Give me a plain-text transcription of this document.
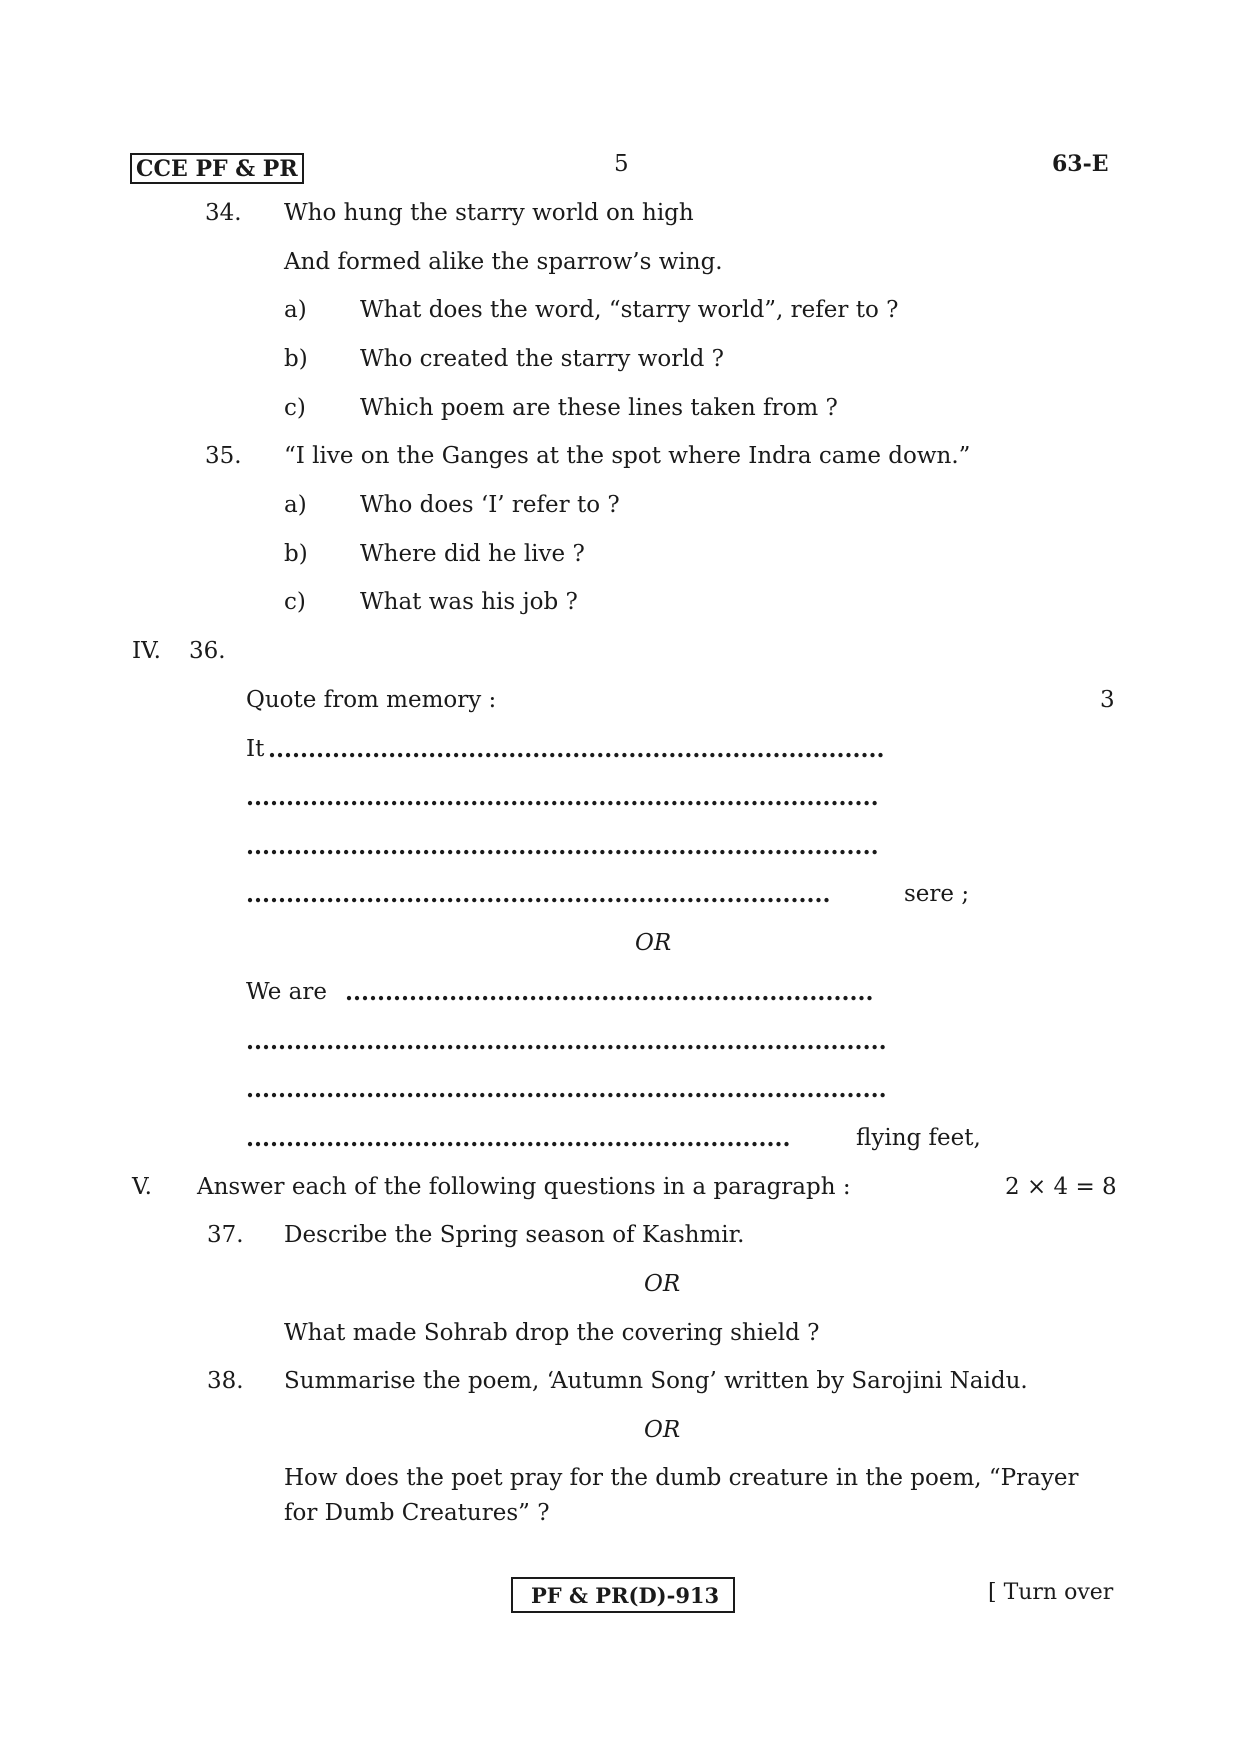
CCE PF & PR	5	63-E
34. Who hung the starry world on high
And formed alike the sparrow’s wing.
a) What does the word, “starry world”, refer to ?
b) Who created the starry world ?
c) Which poem are these lines taken from ?
35. “I live on the Ganges at the spot where Indra came down.”
a) Who does ‘I’ refer to ?
b) Where did he live ?
c) What was his job ?
IV. 36.
Quote from memory :	3
It .............................................................................
...............................................................................
...............................................................................
.........................................................................	sere ;
OR
We are ..................................................................
................................................................................
................................................................................
....................................................................	flying feet,
V. Answer each of the following questions in a paragraph :	2 × 4 = 8
37. Describe the Spring season of Kashmir.
OR
What made Sohrab drop the covering shield ?
38. Summarise the poem, ‘Autumn Song’ written by Sarojini Naidu.
OR
How does the poet pray for the dumb creature in the poem, “Prayer
for Dumb Creatures” ?
PF & PR(D)-913	[ Turn over
